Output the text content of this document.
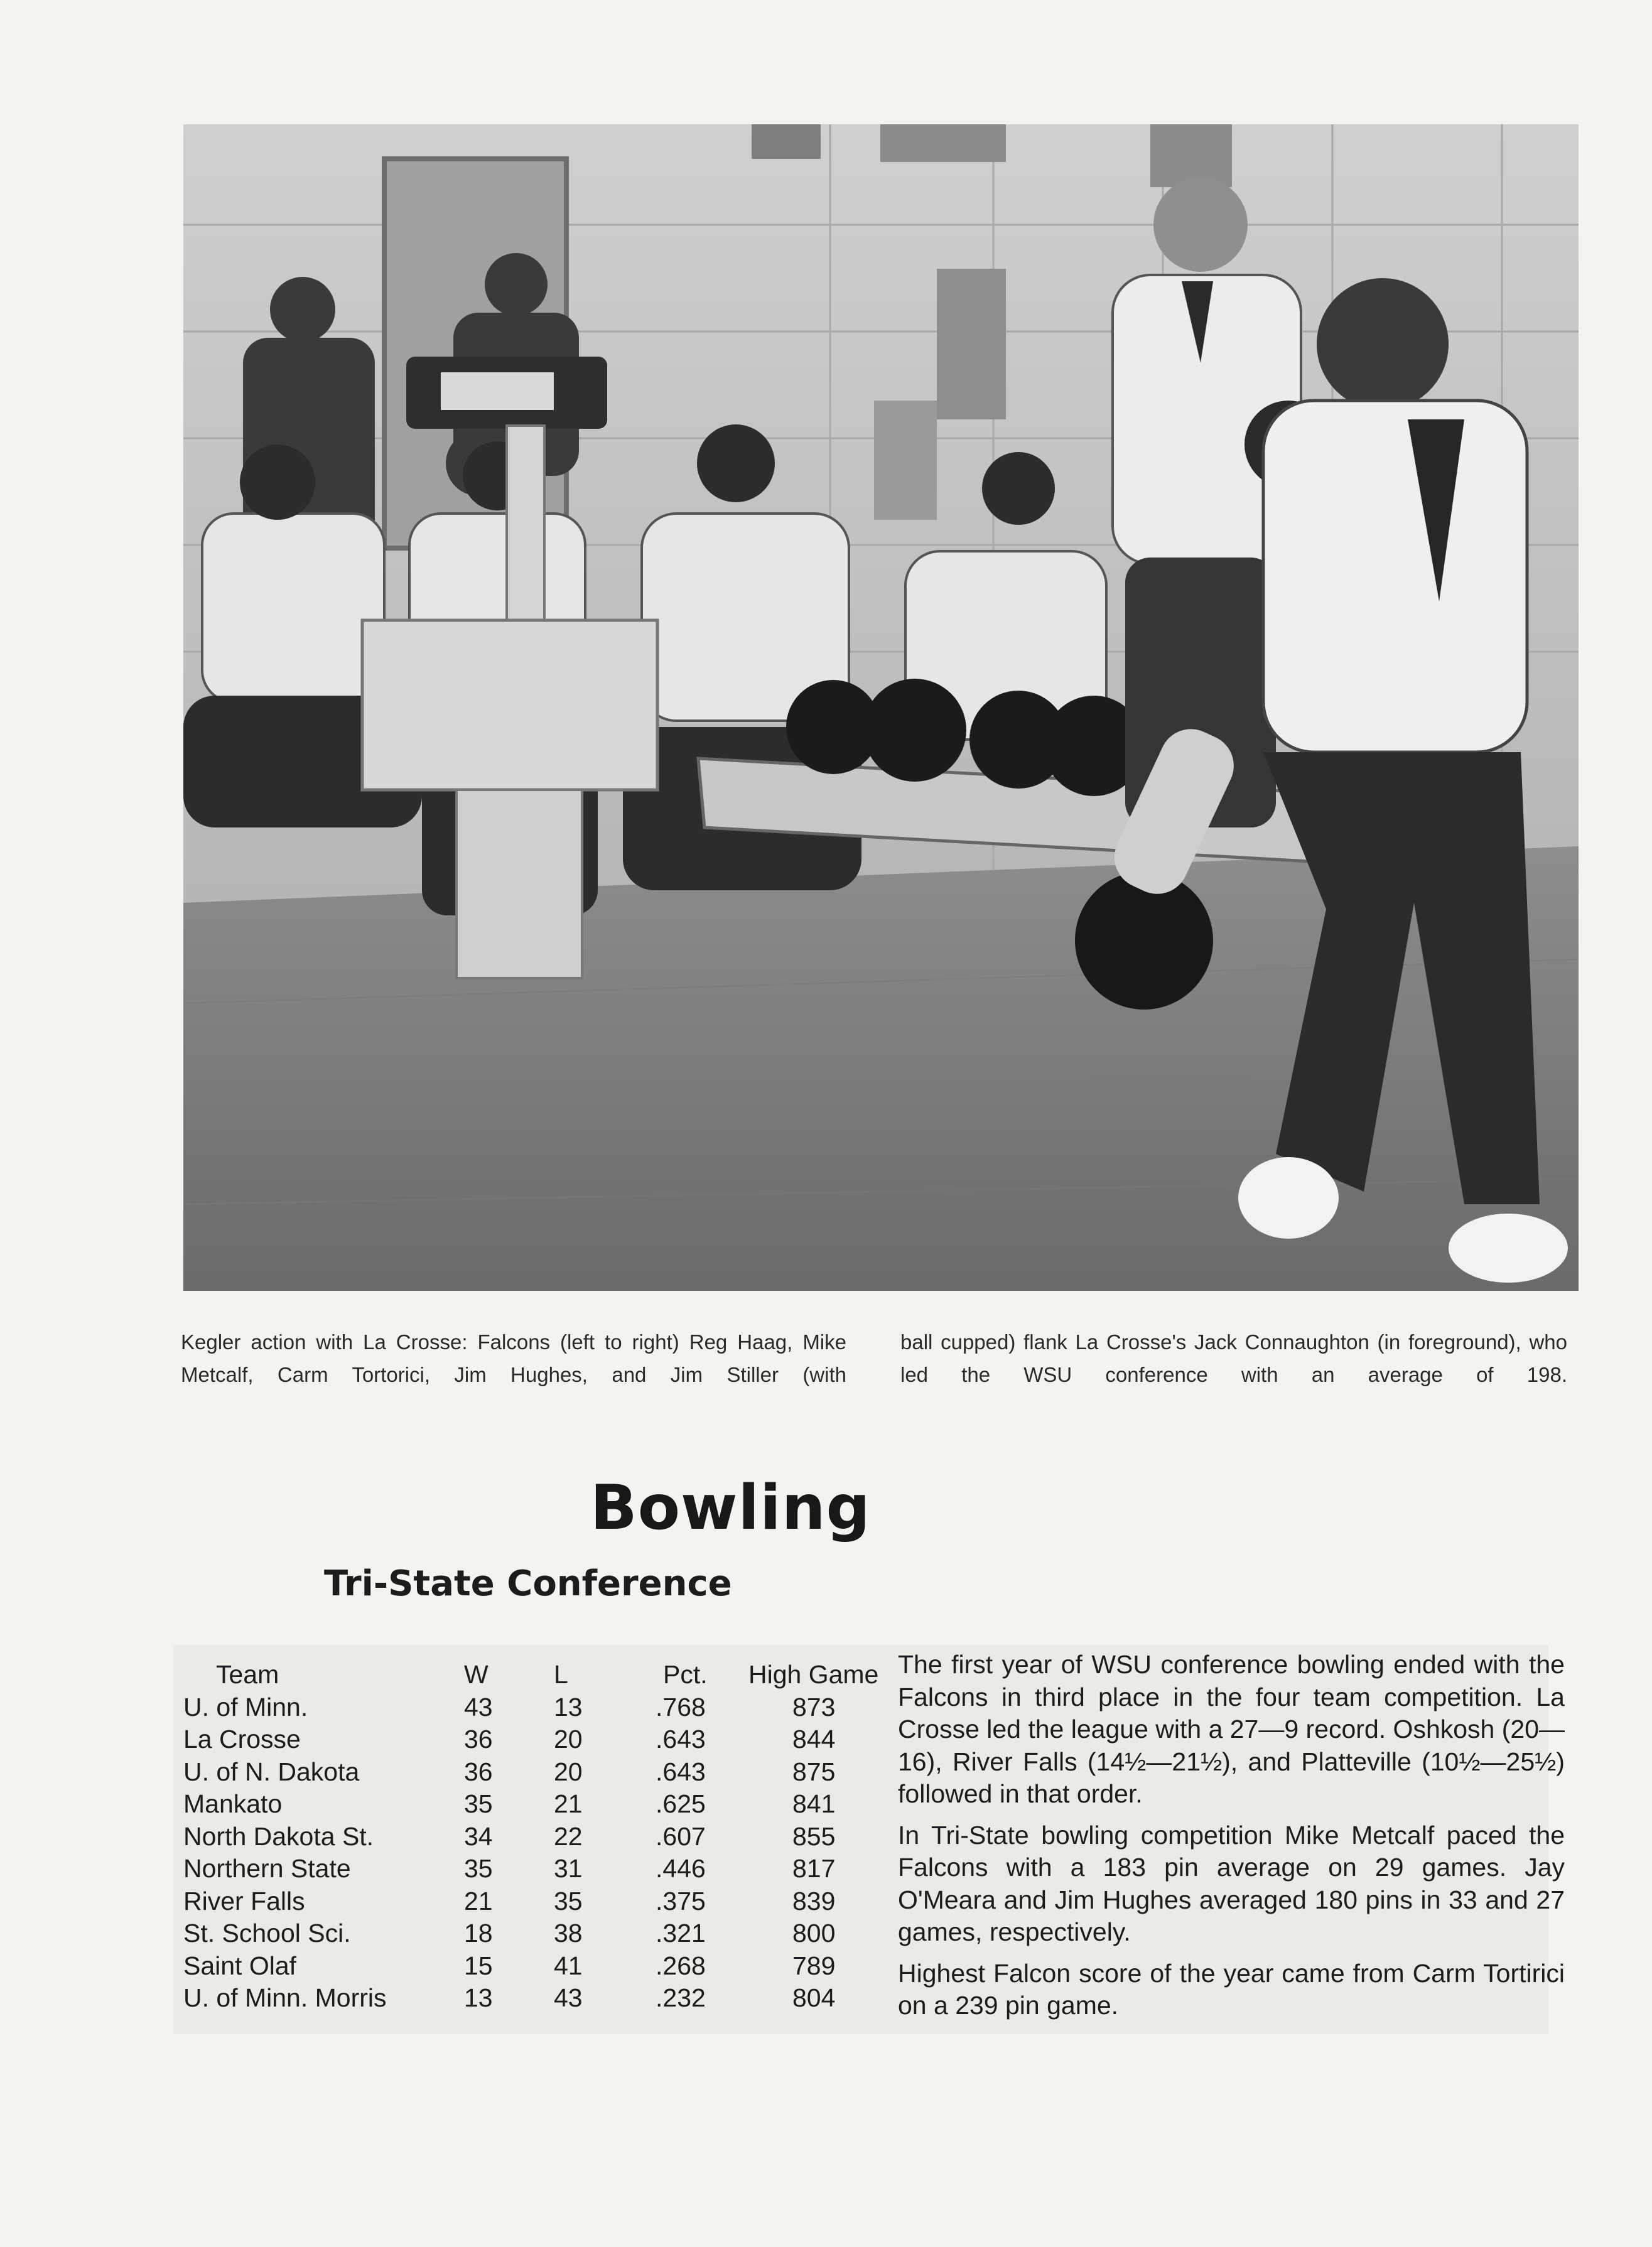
Kegler action with La Crosse: Falcons (left to right) Reg Haag, Mike Metcalf, Carm Tortorici, Jim Hughes, and Jim Stiller (with
ball cupped) flank La Crosse's Jack Connaughton (in foreground), who led the WSU conference with an average of 198.
Bowling
Tri-State Conference
Team	W	L	Pct.	High Game
U. of Minn.	43	13	.768	873
La Crosse	36	20	.643	844
U. of N. Dakota	36	20	.643	875
Mankato	35	21	.625	841
North Dakota St.	34	22	.607	855
Northern State	35	31	.446	817
River Falls	21	35	.375	839
St. School Sci.	18	38	.321	800
Saint Olaf	15	41	.268	789
U. of Minn. Morris	13	43	.232	804

The first year of WSU conference bowling ended with the Falcons in third place in the four team competition. La Crosse led the league with a 27—9 record. Oshkosh (20—16), River Falls (14½—21½), and Platteville (10½—25½) followed in that order.

In Tri-State bowling competition Mike Metcalf paced the Falcons with a 183 pin average on 29 games. Jay O'Meara and Jim Hughes averaged 180 pins in 33 and 27 games, respectively.

Highest Falcon score of the year came from Carm Tortirici on a 239 pin game.
